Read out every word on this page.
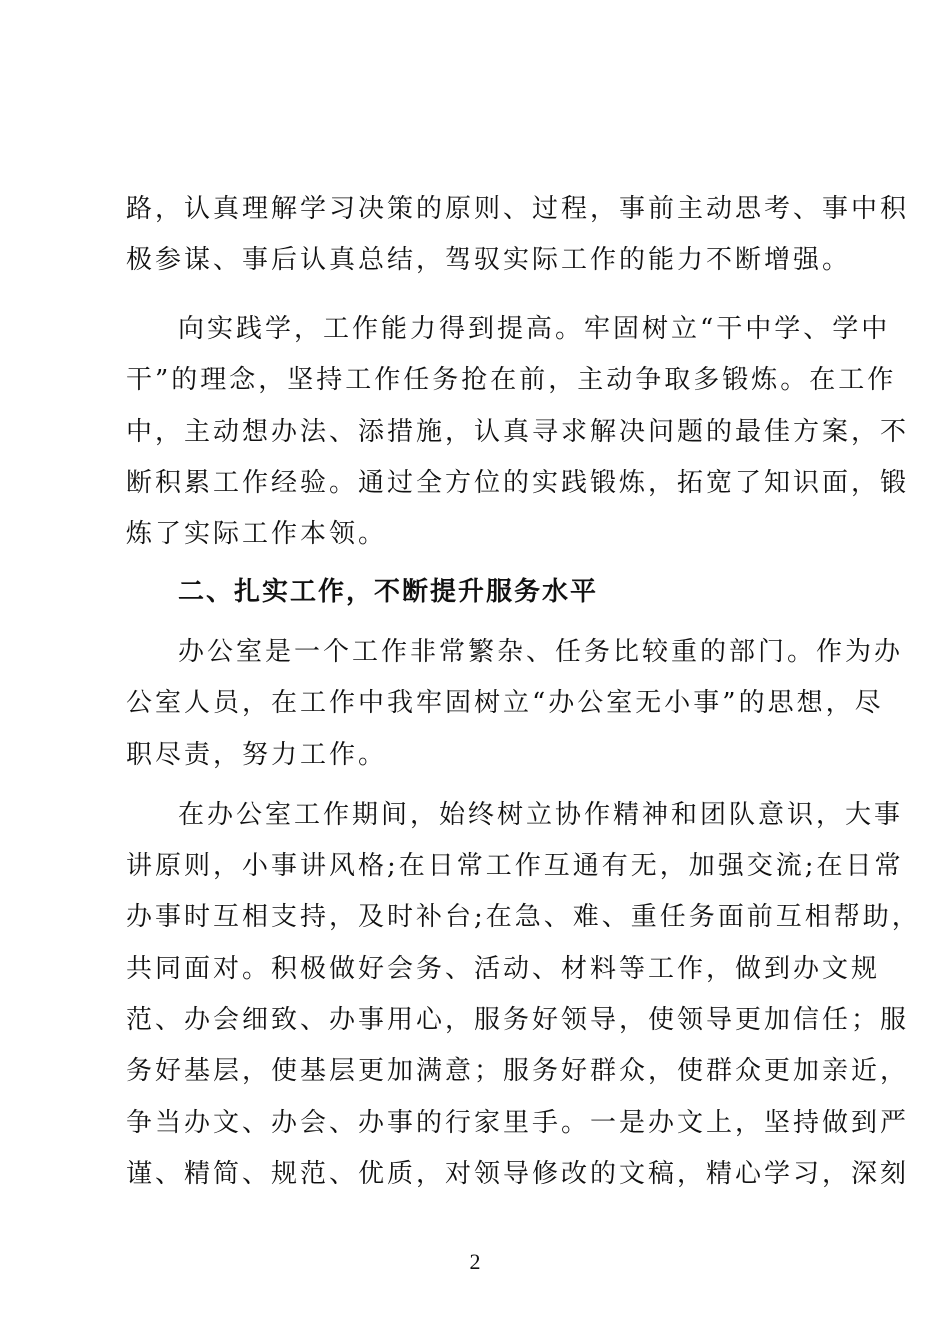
路，认真理解学习决策的原则、过程，事前主动思考、事中积
极参谋、事后认真总结，驾驭实际工作的能力不断增强。
向实践学，工作能力得到提高。牢固树立“干中学、学中
干”的理念，坚持工作任务抢在前，主动争取多锻炼。在工作
中，主动想办法、添措施，认真寻求解决问题的最佳方案，不
断积累工作经验。通过全方位的实践锻炼，拓宽了知识面，锻
炼了实际工作本领。
二、扎实工作，不断提升服务水平
办公室是一个工作非常繁杂、任务比较重的部门。作为办
公室人员，在工作中我牢固树立“办公室无小事”的思想，尽
职尽责，努力工作。
在办公室工作期间，始终树立协作精神和团队意识，大事
讲原则，小事讲风格;在日常工作互通有无，加强交流;在日常
办事时互相支持，及时补台;在急、难、重任务面前互相帮助，
共同面对。积极做好会务、活动、材料等工作，做到办文规
范、办会细致、办事用心，服务好领导，使领导更加信任；服
务好基层，使基层更加满意；服务好群众，使群众更加亲近，
争当办文、办会、办事的行家里手。一是办文上，坚持做到严
谨、精简、规范、优质，对领导修改的文稿，精心学习，深刻
2
